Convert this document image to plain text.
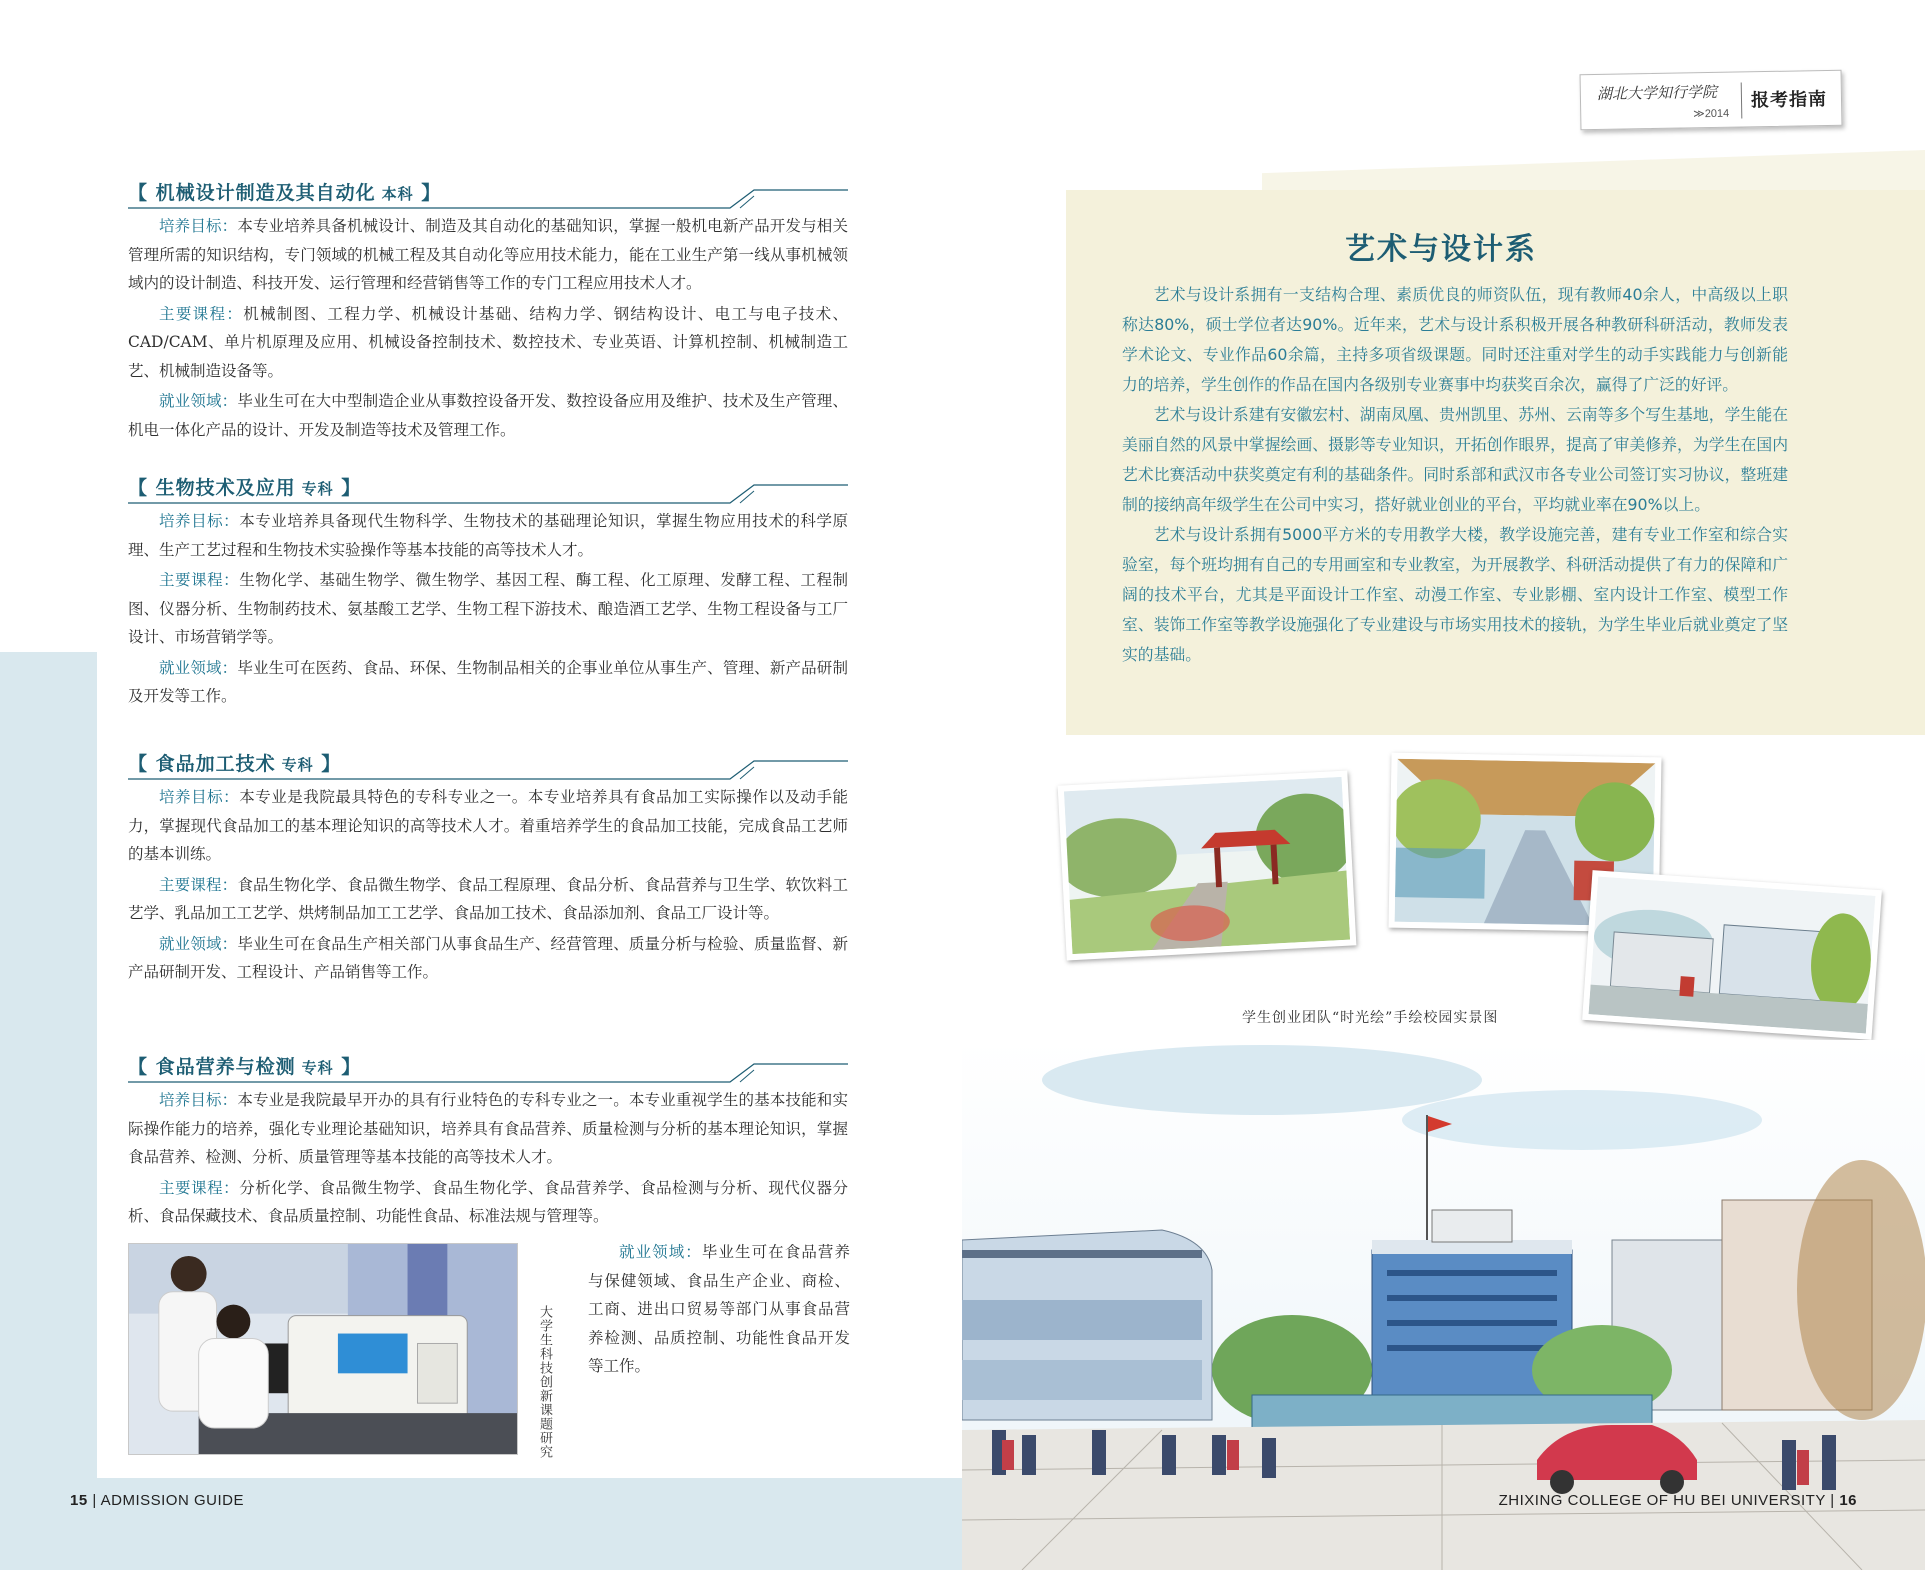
【 机械设计制造及其自动化 本科 】

培养目标：本专业培养具备机械设计、制造及其自动化的基础知识，掌握一般机电新产品开发与相关管理所需的知识结构，专门领域的机械工程及其自动化等应用技术能力，能在工业生产第一线从事机械领域内的设计制造、科技开发、运行管理和经营销售等工作的专门工程应用技术人才。

主要课程：机械制图、工程力学、机械设计基础、结构力学、钢结构设计、电工与电子技术、CAD/CAM、单片机原理及应用、机械设备控制技术、数控技术、专业英语、计算机控制、机械制造工艺、机械制造设备等。

就业领域：毕业生可在大中型制造企业从事数控设备开发、数控设备应用及维护、技术及生产管理、机电一体化产品的设计、开发及制造等技术及管理工作。

【 生物技术及应用 专科 】

培养目标：本专业培养具备现代生物科学、生物技术的基础理论知识，掌握生物应用技术的科学原理、生产工艺过程和生物技术实验操作等基本技能的高等技术人才。

主要课程：生物化学、基础生物学、微生物学、基因工程、酶工程、化工原理、发酵工程、工程制图、仪器分析、生物制药技术、氨基酸工艺学、生物工程下游技术、酿造酒工艺学、生物工程设备与工厂设计、市场营销学等。

就业领域：毕业生可在医药、食品、环保、生物制品相关的企事业单位从事生产、管理、新产品研制及开发等工作。

【 食品加工技术 专科 】

培养目标：本专业是我院最具特色的专科专业之一。本专业培养具有食品加工实际操作以及动手能力，掌握现代食品加工的基本理论知识的高等技术人才。着重培养学生的食品加工技能，完成食品工艺师的基本训练。

主要课程：食品生物化学、食品微生物学、食品工程原理、食品分析、食品营养与卫生学、软饮料工艺学、乳品加工工艺学、烘烤制品加工工艺学、食品加工技术、食品添加剂、食品工厂设计等。

就业领域：毕业生可在食品生产相关部门从事食品生产、经营管理、质量分析与检验、质量监督、新产品研制开发、工程设计、产品销售等工作。

【 食品营养与检测 专科 】

培养目标：本专业是我院最早开办的具有行业特色的专科专业之一。本专业重视学生的基本技能和实际操作能力的培养，强化专业理论基础知识，培养具有食品营养、质量检测与分析的基本理论知识，掌握食品营养、检测、分析、质量管理等基本技能的高等技术人才。

主要课程：分析化学、食品微生物学、食品生物化学、食品营养学、食品检测与分析、现代仪器分析、食品保藏技术、食品质量控制、功能性食品、标准法规与管理等。

大学生科技创新课题研究

就业领域：毕业生可在食品营养与保健领域、食品生产企业、商检、工商、进出口贸易等部门从事食品营养检测、品质控制、功能性食品开发等工作。

15 | ADMISSION GUIDE
湖北大学知行学院
≫2014
报考指南
艺术与设计系

艺术与设计系拥有一支结构合理、素质优良的师资队伍，现有教师40余人，中高级以上职称达80%，硕士学位者达90%。近年来，艺术与设计系积极开展各种教研科研活动，教师发表学术论文、专业作品60余篇，主持多项省级课题。同时还注重对学生的动手实践能力与创新能力的培养，学生创作的作品在国内各级别专业赛事中均获奖百余次，赢得了广泛的好评。

艺术与设计系建有安徽宏村、湖南凤凰、贵州凯里、苏州、云南等多个写生基地，学生能在美丽自然的风景中掌握绘画、摄影等专业知识，开拓创作眼界，提高了审美修养，为学生在国内艺术比赛活动中获奖奠定有利的基础条件。同时系部和武汉市各专业公司签订实习协议，整班建制的接纳高年级学生在公司中实习，搭好就业创业的平台，平均就业率在90%以上。

艺术与设计系拥有5000平方米的专用教学大楼，教学设施完善，建有专业工作室和综合实验室，每个班均拥有自己的专用画室和专业教室，为开展教学、科研活动提供了有力的保障和广阔的技术平台，尤其是平面设计工作室、动漫工作室、专业影棚、室内设计工作室、模型工作室、装饰工作室等教学设施强化了专业建设与市场实用技术的接轨，为学生毕业后就业奠定了坚实的基础。

学生创业团队“时光绘”手绘校园实景图
ZHIXING COLLEGE OF HU BEI UNIVERSITY | 16
